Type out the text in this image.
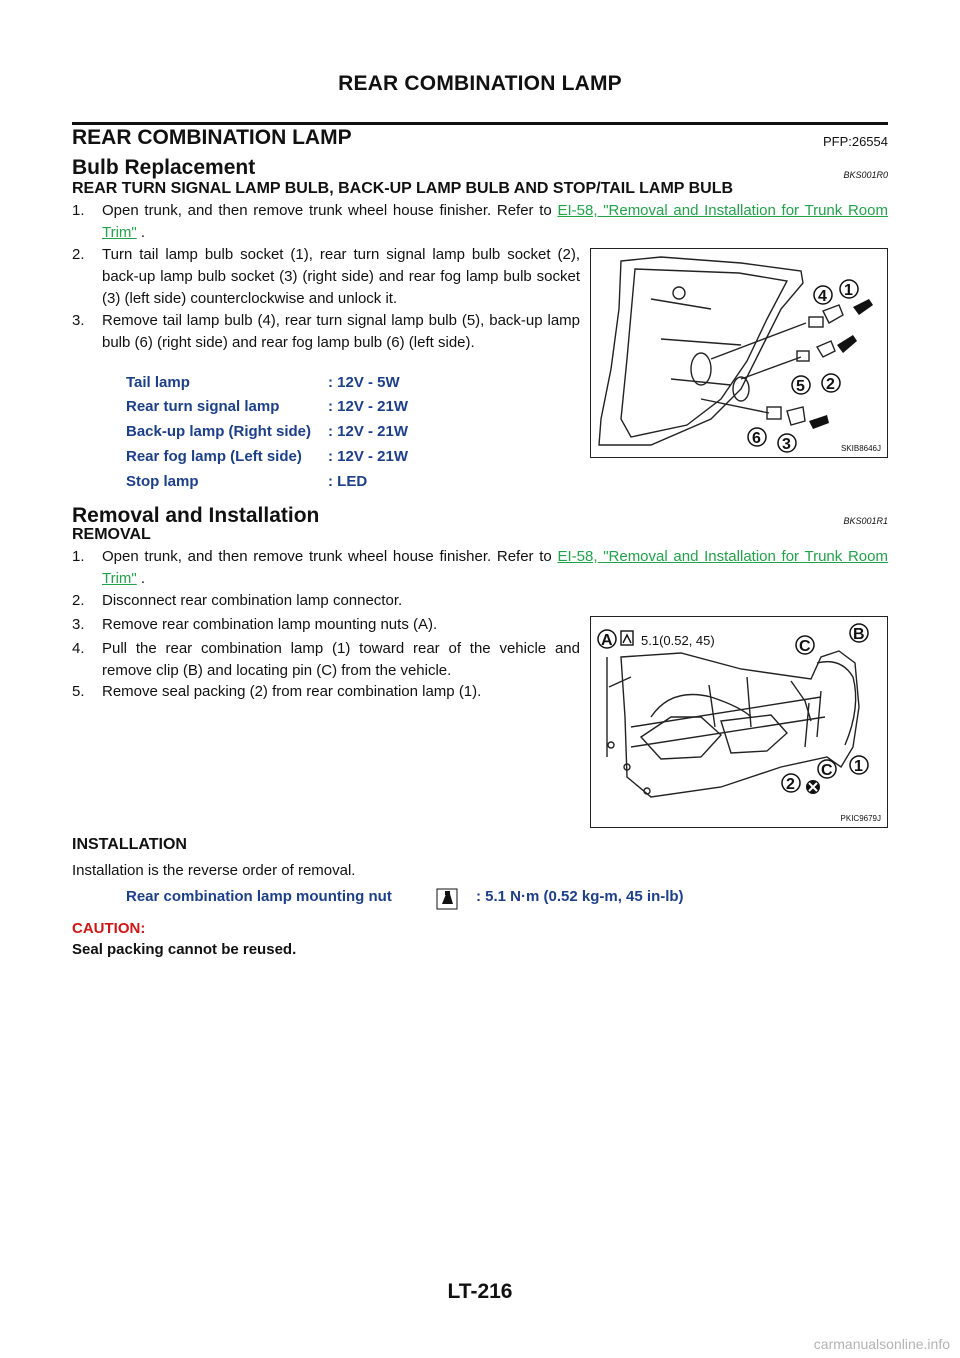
REAR COMBINATION LAMP
REAR COMBINATION LAMP	PFP:26554
Bulb Replacement	BKS001R0
REAR TURN SIGNAL LAMP BULB, BACK-UP LAMP BULB AND STOP/TAIL LAMP BULB
1. Open trunk, and then remove trunk wheel house finisher. Refer to EI-58, "Removal and Installation for Trunk Room Trim" .
2. Turn tail lamp bulb socket (1), rear turn signal lamp bulb socket (2), back-up lamp bulb socket (3) (right side) and rear fog lamp bulb socket (3) (left side) counterclockwise and unlock it.
3. Remove tail lamp bulb (4), rear turn signal lamp bulb (5), back-up lamp bulb (6) (right side) and rear fog lamp bulb (6) (left side).
Tail lamp	: 12V - 5W
Rear turn signal lamp	: 12V - 21W
Back-up lamp (Right side) : 12V - 21W
Rear fog lamp (Left side) : 12V - 21W
Stop lamp	: LED
1
2
3
4
5
6
SKIB8646J
Removal and Installation	BKS001R1
REMOVAL
1. Open trunk, and then remove trunk wheel house finisher. Refer to EI-58, "Removal and Installation for Trunk Room Trim" .
2. Disconnect rear combination lamp connector.
3. Remove rear combination lamp mounting nuts (A).
4. Pull the rear combination lamp (1) toward rear of the vehicle and remove clip (B) and locating pin (C) from the vehicle.
5. Remove seal packing (2) from rear combination lamp (1).
A 5.1(0.52, 45)	B
C
C 1
2
PKIC9679J
INSTALLATION
Installation is the reverse order of removal.
Rear combination lamp mounting nut	: 5.1 N·m (0.52 kg-m, 45 in-lb)
CAUTION:
Seal packing cannot be reused.
LT-216
carmanualsonline.info
